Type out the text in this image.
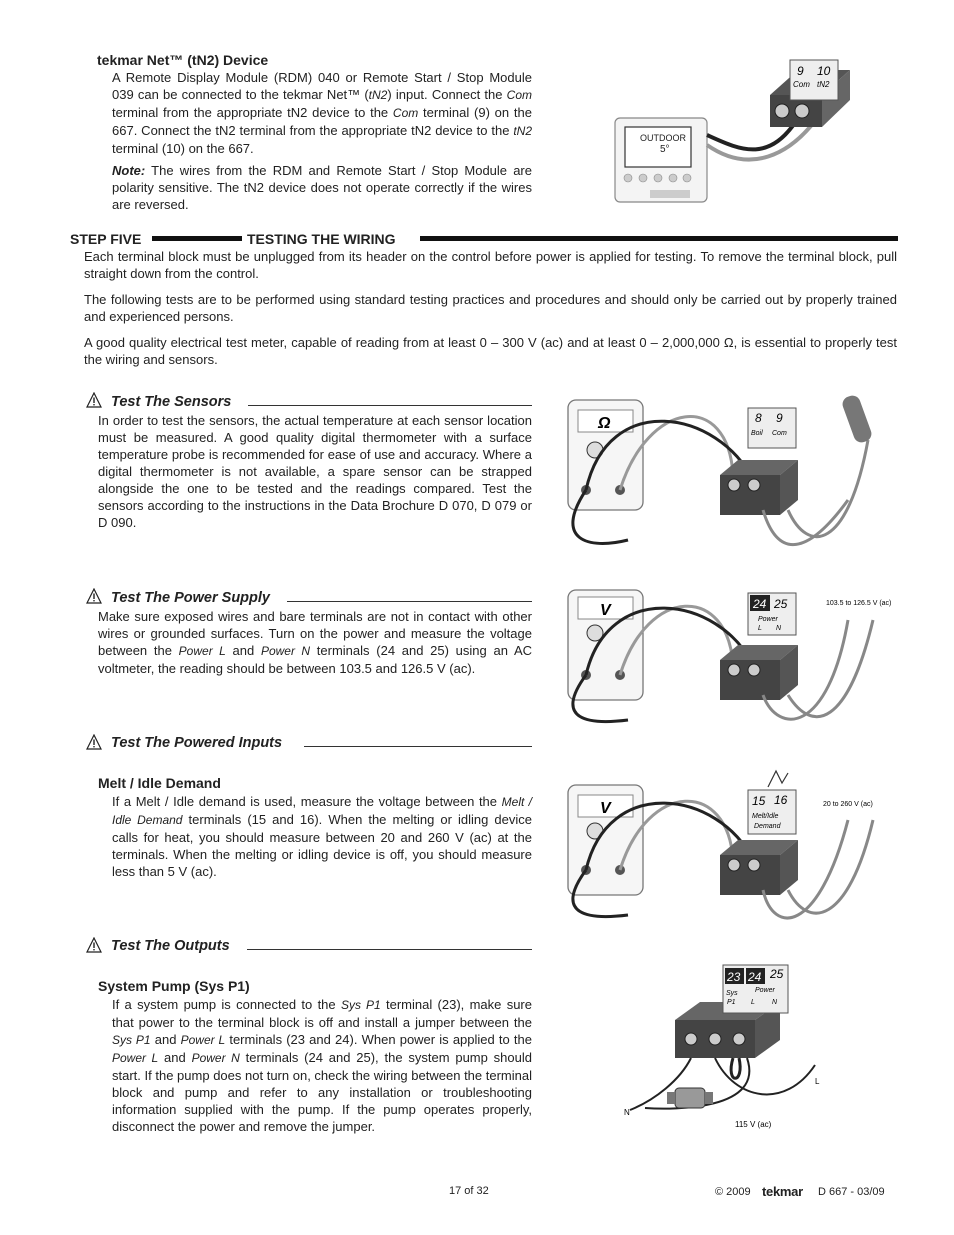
tekmar Net™ (tN2) Device
A Remote Display Module (RDM) 040 or Remote Start / Stop Module 039 can be connected to the tekmar Net™ (tN2) input. Connect the Com terminal from the appropriate tN2 device to the Com terminal (9) on the 667. Connect the tN2 terminal from the appropriate tN2 device to the tN2 terminal (10) on the 667.
Note: The wires from the RDM and Remote Start / Stop Module are polarity sensitive. The tN2 device does not operate correctly if the wires are reversed.
OUTDOOR
5°
9 10
Com tN2
STEP FIVE	TESTING THE WIRING
Each terminal block must be unplugged from its header on the control before power is applied for testing. To remove the terminal block, pull straight down from the control.
The following tests are to be performed using standard testing practices and procedures and should only be carried out by properly trained and experienced persons.
A good quality electrical test meter, capable of reading from at least 0 – 300 V (ac) and at least 0 – 2,000,000 Ω, is essential to properly test the wiring and sensors.
Test The Sensors
In order to test the sensors, the actual temperature at each sensor location must be measured. A good quality digital thermometer with a surface temperature probe is recommended for ease of use and accuracy. Where a digital thermometer is not available, a spare sensor can be strapped alongside the one to be tested and the readings compared. Test the sensors according to the instructions in the Data Brochure D 070, D 079 or D 090.
Ω	8 9
Boil Com
Test The Power Supply
Make sure exposed wires and bare terminals are not in contact with other wires or grounded surfaces. Turn on the power and measure the voltage between the Power L and Power N terminals (24 and 25) using an AC voltmeter, the reading should be between 103.5 and 126.5 V (ac).
V	24 25
Power
L N
103.5 to 126.5 V (ac)
Test The Powered Inputs
Melt / Idle Demand
If a Melt / Idle demand is used, measure the voltage between the Melt / Idle Demand terminals (15 and 16). When the melting or idling device calls for heat, you should measure between 20 and 260 V (ac) at the terminals. When the melting or idling device is off, you should measure less than 5 V (ac).
V	15 16
Melt/Idle
Demand
20 to 260 V (ac)
Test The Outputs
System Pump (Sys P1)
If a system pump is connected to the Sys P1 terminal (23), make sure that power to the terminal block is off and install a jumper between the Sys P1 and Power L terminals (23 and 24). When power is applied to the Power L and Power N terminals (24 and 25), the system pump should start. If the pump does not turn on, check the wiring between the terminal block and pump and refer to any installation or troubleshooting information supplied with the pump. If the pump operates properly, disconnect the power and remove the jumper.
23 24 25
Sys
P1
Power
L N
L
N
115 V (ac)
17 of 32	© 2009 tekmar D 667 - 03/09
